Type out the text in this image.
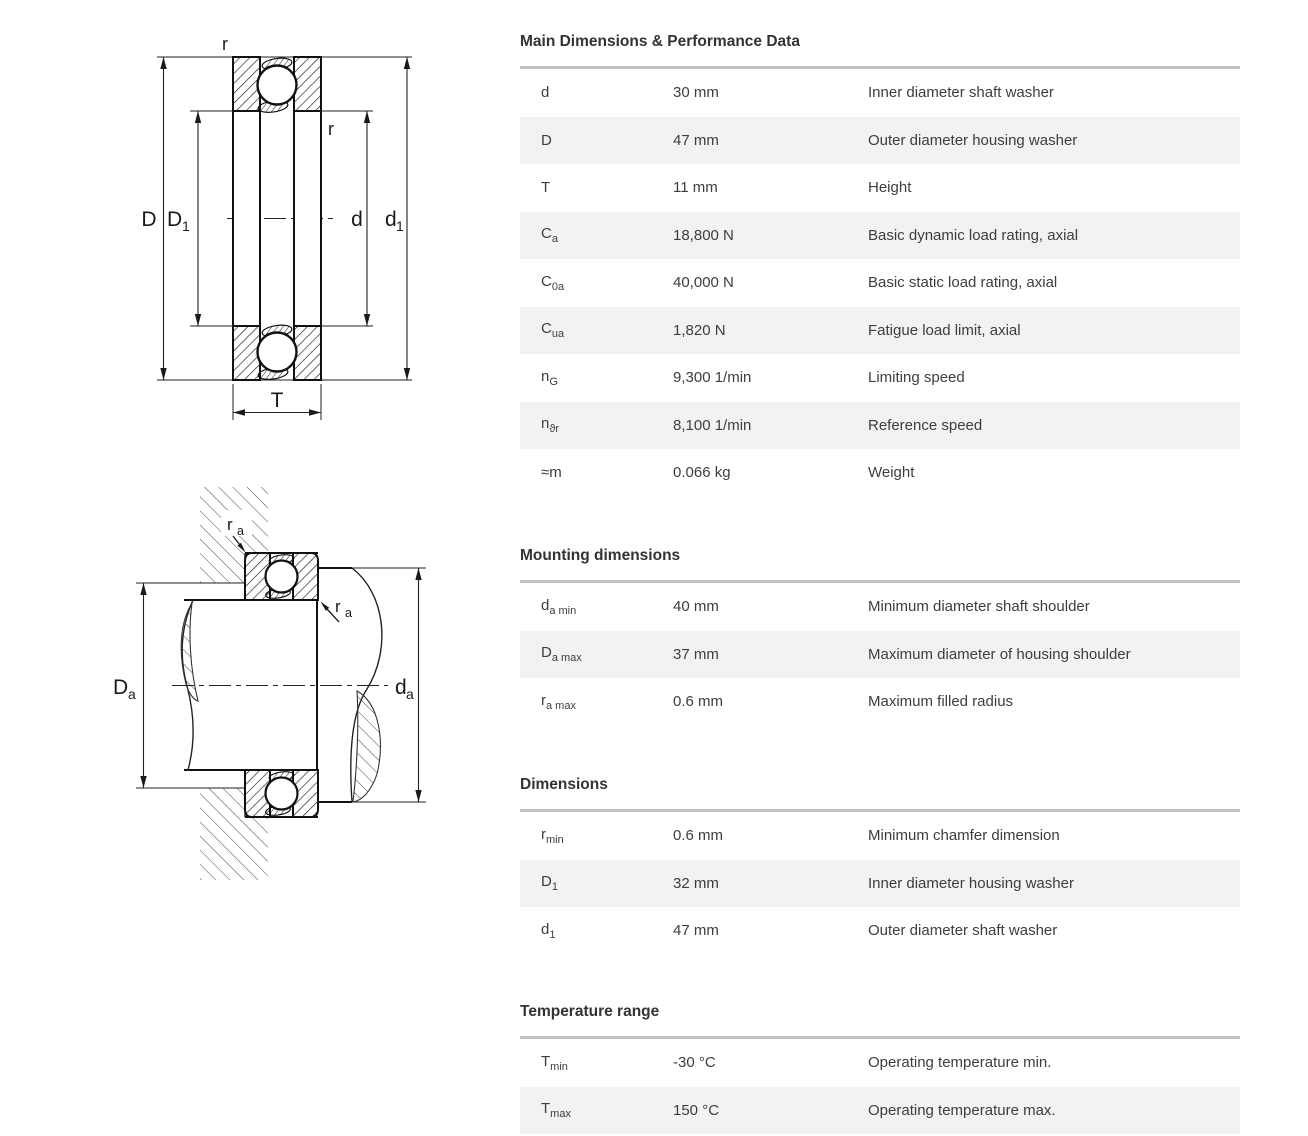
r
r
D D 1	d d 1
T
r a
r a
D a	d a
Main Dimensions & Performance Data
d	30 mm	Inner diameter shaft washer
D	47 mm	Outer diameter housing washer
T	11 mm	Height
$C_a$	18,800 N	Basic dynamic load rating, axial
$C_{0a}$	40,000 N	Basic static load rating, axial
$C_{ua}$	1,820 N	Fatigue load limit, axial
$n_G$	9,300 1/min	Limiting speed
$n_{ϑr}$	8,100 1/min	Reference speed
≈m	0.066 kg	Weight
Mounting dimensions
$d_{a min}$	40 mm	Minimum diameter shaft shoulder
$D_{a max}$	37 mm	Maximum diameter of housing shoulder
$r_{a max}$	0.6 mm	Maximum filled radius
Dimensions
$r_{min}$	0.6 mm	Minimum chamfer dimension
$D_1$	32 mm	Inner diameter housing washer
$d_1$	47 mm	Outer diameter shaft washer
Temperature range
$T_{min}$	-30 °C	Operating temperature min.
$T_{max}$	150 °C	Operating temperature max.
